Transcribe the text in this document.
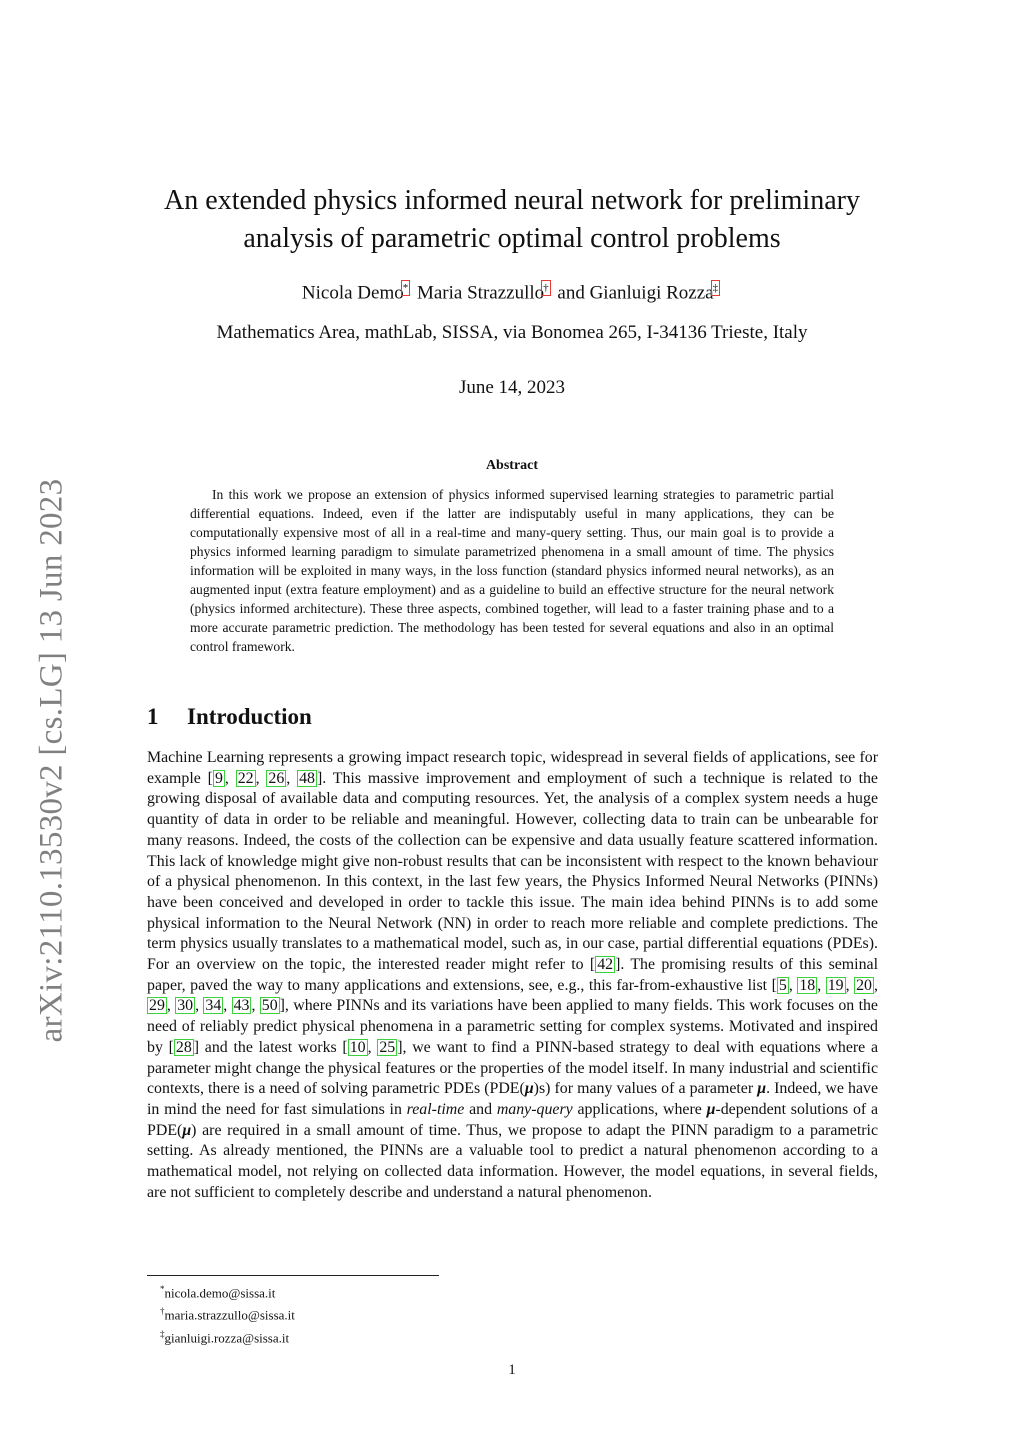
arXiv:2110.13530v2 [cs.LG] 13 Jun 2023
An extended physics informed neural network for preliminary
analysis of parametric optimal control problems
Nicola Demo* Maria Strazzullo† and Gianluigi Rozza‡
Mathematics Area, mathLab, SISSA, via Bonomea 265, I-34136 Trieste, Italy
June 14, 2023
Abstract

In this work we propose an extension of physics informed supervised learning strategies to parametric partial differential equations. Indeed, even if the latter are indisputably useful in many applications, they can be computationally expensive most of all in a real-time and many-query setting. Thus, our main goal is to provide a physics informed learning paradigm to simulate parametrized phenomena in a small amount of time. The physics information will be exploited in many ways, in the loss function (standard physics informed neural networks), as an augmented input (extra feature employment) and as a guideline to build an effective structure for the neural network (physics informed architecture). These three aspects, combined together, will lead to a faster training phase and to a more accurate parametric prediction. The methodology has been tested for several equations and also in an optimal control framework.

1 Introduction

Machine Learning represents a growing impact research topic, widespread in several fields of applications, see for example [ 9 , 22 , 26 , 48 ]. This massive improvement and employment of such a technique is related to the growing disposal of available data and computing resources. Yet, the analysis of a complex system needs a huge quantity of data in order to be reliable and meaningful. However, collecting data to train can be unbearable for many reasons. Indeed, the costs of the collection can be expensive and data usually feature scattered information. This lack of knowledge might give non-robust results that can be inconsistent with respect to the known behaviour of a physical phenomenon. In this context, in the last few years, the Physics Informed Neural Networks (PINNs) have been conceived and developed in order to tackle this issue. The main idea behind PINNs is to add some physical information to the Neural Network (NN) in order to reach more reliable and complete predictions. The term physics usually translates to a mathematical model, such as, in our case, partial differential equations (PDEs). For an overview on the topic, the interested reader might refer to [ 42 ]. The promising results of this seminal paper, paved the way to many applications and extensions, see, e.g., this far-from-exhaustive list [ 5 , 18 , 19 , 20 , 29 , 30 , 34 , 43 , 50 ], where PINNs and its variations have been applied to many fields. This work focuses on the need of reliably predict physical phenomena in a parametric setting for complex systems. Motivated and inspired by [ 28 ] and the latest works [ 10 , 25 ], we want to find a PINN-based strategy to deal with equations where a parameter might change the physical features or the properties of the model itself. In many industrial and scientific contexts, there is a need of solving parametric PDEs (PDE(μ)s) for many values of a parameter μ. Indeed, we have in mind the need for fast simulations in real-time and many-query applications, where μ-dependent solutions of a PDE(μ) are required in a small amount of time. Thus, we propose to adapt the PINN paradigm to a parametric setting. As already mentioned, the PINNs are a valuable tool to predict a natural phenomenon according to a mathematical model, not relying on collected data information. However, the model equations, in several fields, are not sufficient to completely describe and understand a natural phenomenon.

*nicola.demo@sissa.it
†maria.strazzullo@sissa.it
‡gianluigi.rozza@sissa.it
1
